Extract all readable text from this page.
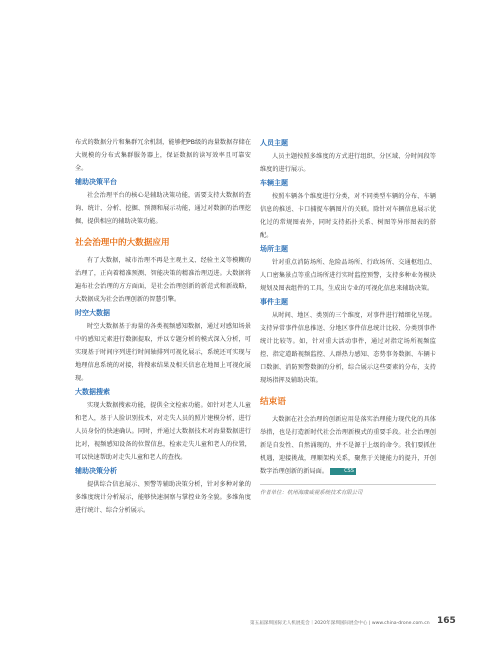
布式的数据分片和集群冗余机制，能够把PB级的海量数据存储在大规模的分布式集群服务器上，保证数据的读写效率且可靠安全。

辅助决策平台

社会治理平台的核心是辅助决策功能，需要支持大数据的查询、统计、分析、挖掘、预测和展示功能，通过对数据的治理挖掘，提供相应的辅助决策功能。

社会治理中的大数据应用

有了大数据，城市治理不再是主观主义、经验主义等模糊的治理了，正向着精准预测、智能决策的精准治理迈进。大数据将遍布社会治理的方方面面，是社会治理创新的新范式和新战略，大数据成为社会治理创新的智慧引擎。

时空大数据

时空大数据基于海量的各类视频感知数据，通过对感知场景中的感知元素进行数据提取，并以专题分析的模式深入分析，可实现基于时间序列进行时间轴排列可视化展示，系统还可实现与地理信息系统的对接，将搜索结果及相关信息在地图上可视化展现。

大数据搜索

实现大数据搜索功能，提供全文检索功能。如针对老人儿童和老人，基于人脸识别技术，对走失人员的照片建模分析，进行人员身份的快速确认。同时，并通过大数据技术对海量数据进行比对，视频感知设备的位置信息，检索走失儿童和老人的位置，可以快速帮助对走失儿童和老人的查找。

辅助决策分析

提供综合信息展示、预警等辅助决策分析，针对多种对象的多维度统计分析展示，能够快速洞察与掌控业务全貌。多维角度进行统计、综合分析展示。

人员主题

人员主题按照多维度的方式进行组织，分区域、分时间段等维度的进行展示。

车辆主题

按照车辆各个维度进行分类，对不同类型车辆的分布、车辆信息的推送、卡口捕捉车辆图片的关联。除针对车辆信息展示优化过的常规图表外，同时支持拓扑关系、树图等异形图表的搭配。

场所主题

针对重点消防场所、危险品场所、行政场所、交通枢纽点、人口密集景点等重点场所进行实时监控预警，支持多种业务模块规划及图表组件的工具，生成出专业的可视化信息来辅助决策。

事件主题

从时间、地区、类别的三个维度，对事件进行精细化呈现。支持异常事件信息推送、分地区事件信息统计比较、分类别事件统计比较等。如，针对重大活动事件，通过对指定场所视频监控、指定道路视频监控、人群热力感知、态势事务数据、车辆卡口数据、消防预警数据的分析，综合展示这些要素的分布，支持现场指挥及辅助决策。

结束语

大数据在社会治理的创新应用是落实治理能力现代化的具体举措，也是打造新时代社会治理新模式的重要手段。社会治理创新是自发性、自然涌现的，并不是源于上级的命令。我们要抓住机遇，迎接挑战，理顺架构关系，聚焦于关键能力的提升，开创数字治理创新的新局面。	CSS

作者单位：杭州海康威视系统技术有限公司
第五届深圳国际无人机展览会｜2020年深圳国际展会中心 | www.china-drone.com.cn 165
